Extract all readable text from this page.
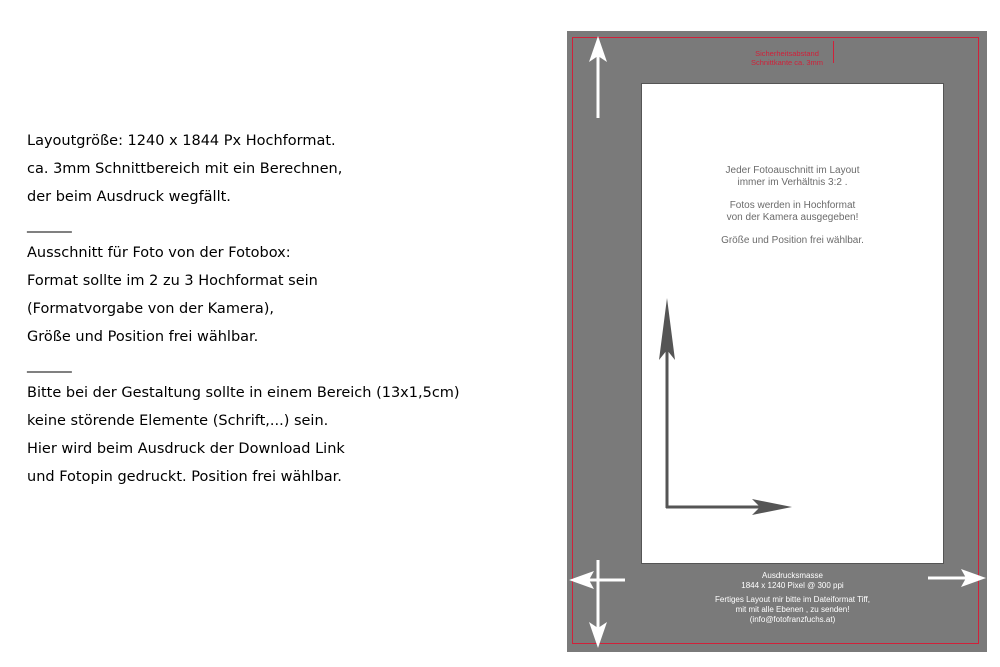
Layoutgröße: 1240 x 1844 Px Hochformat.
ca. 3mm Schnittbereich mit ein Berechnen,
der beim Ausdruck wegfällt.
_______
Ausschnitt für Foto von der Fotobox:
Format sollte im 2 zu 3 Hochformat sein
(Formatvorgabe von der Kamera),
Größe und Position frei wählbar.
_______
Bitte bei der Gestaltung sollte in einem Bereich (13x1,5cm)
keine störende Elemente (Schrift,...) sein.
Hier wird beim Ausdruck der Download Link
und Fotopin gedruckt. Position frei wählbar.
Sicherheitsabstand
Schnittkante ca. 3mm
Jeder Fotoauschnitt im Layout
immer im Verhältnis 3:2 .
Fotos werden in Hochformat
von der Kamera ausgegeben!
Größe und Position frei wählbar.
Ausdrucksmasse
1844 x 1240 Pixel @ 300 ppi
Fertiges Layout mir bitte im Dateiformat Tiff,
mit mit alle Ebenen , zu senden!
(info@fotofranzfuchs.at)
